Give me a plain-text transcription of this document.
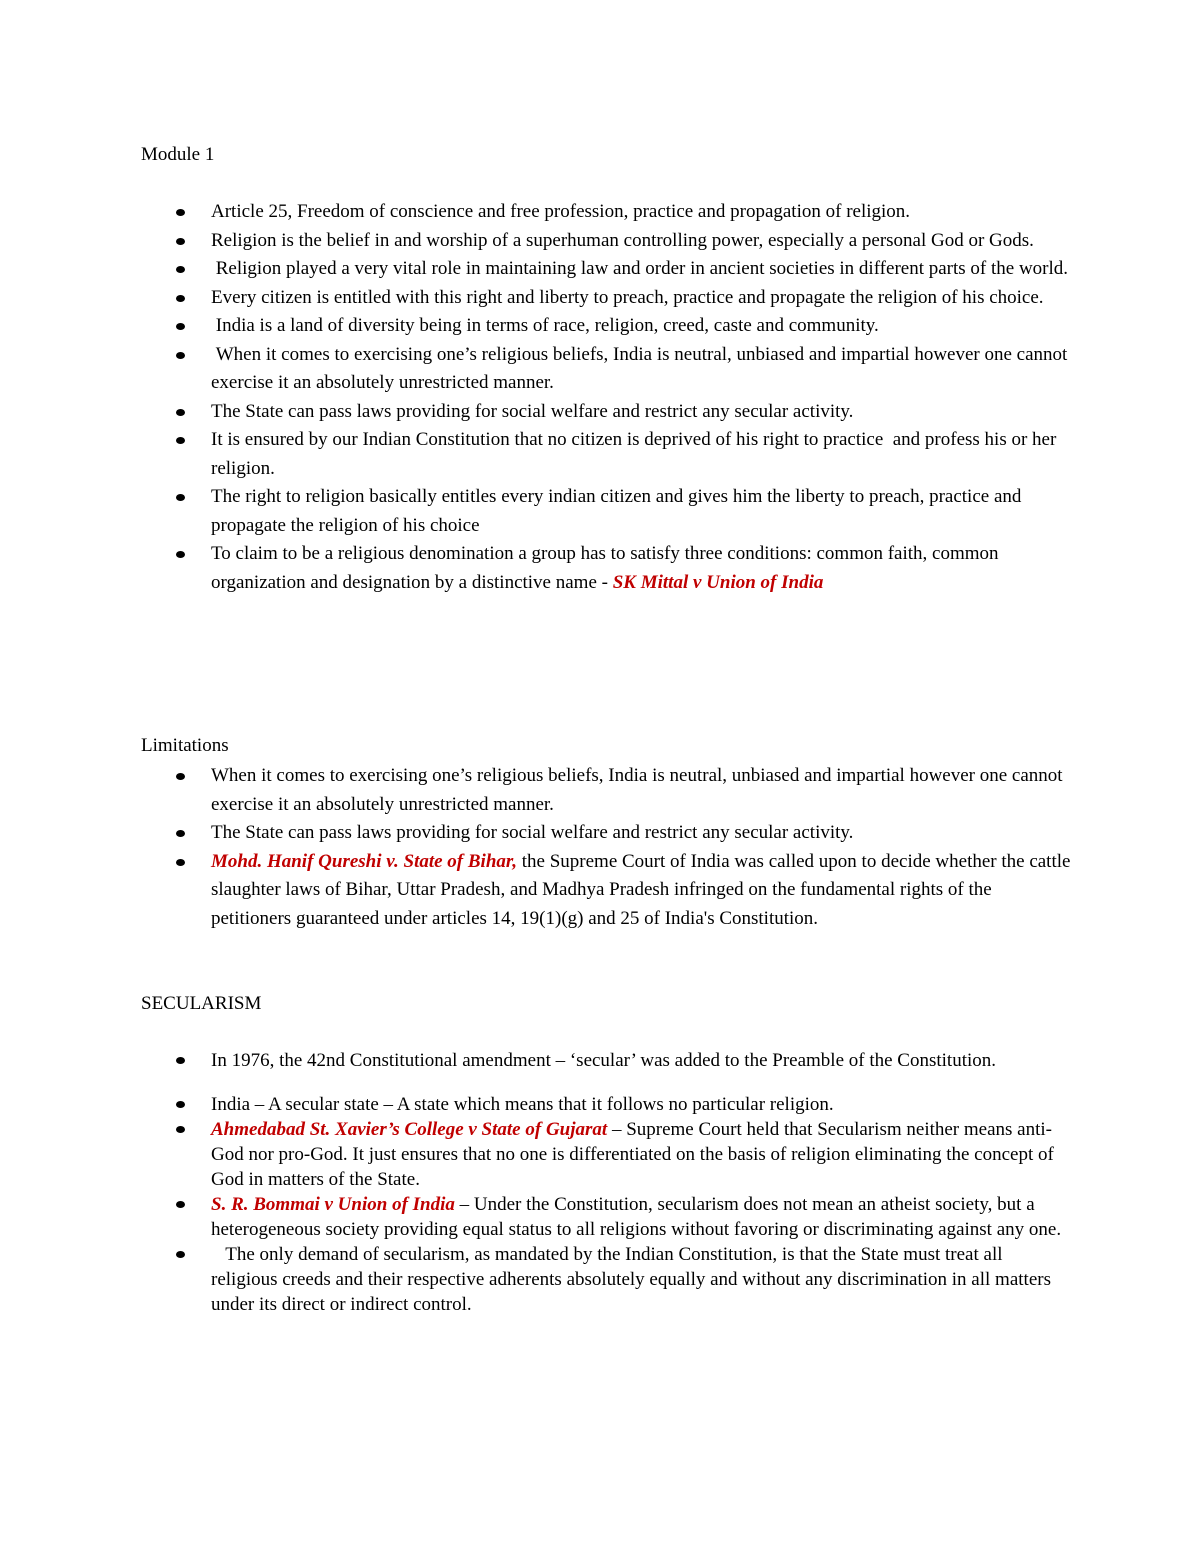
Module 1
Article 25, Freedom of conscience and free profession, practice and propagation of religion.
Religion is the belief in and worship of a superhuman controlling power, especially a personal God or Gods.
Religion played a very vital role in maintaining law and order in ancient societies in different parts of the world.
Every citizen is entitled with this right and liberty to preach, practice and propagate the religion of his choice.
India is a land of diversity being in terms of race, religion, creed, caste and community.
When it comes to exercising one’s religious beliefs, India is neutral, unbiased and impartial however one cannot exercise it an absolutely unrestricted manner.
The State can pass laws providing for social welfare and restrict any secular activity.
It is ensured by our Indian Constitution that no citizen is deprived of his right to practice  and profess his or her religion.
The right to religion basically entitles every indian citizen and gives him the liberty to preach, practice and propagate the religion of his choice
To claim to be a religious denomination a group has to satisfy three conditions: common faith, common organization and designation by a distinctive name - SK Mittal v Union of India
Limitations
When it comes to exercising one’s religious beliefs, India is neutral, unbiased and impartial however one cannot exercise it an absolutely unrestricted manner.
The State can pass laws providing for social welfare and restrict any secular activity.
Mohd. Hanif Qureshi v. State of Bihar, the Supreme Court of India was called upon to decide whether the cattle slaughter laws of Bihar, Uttar Pradesh, and Madhya Pradesh infringed on the fundamental rights of the petitioners guaranteed under articles 14, 19(1)(g) and 25 of India's Constitution.
SECULARISM
In 1976, the 42nd Constitutional amendment – ‘secular’ was added to the Preamble of the Constitution.
India – A secular state – A state which means that it follows no particular religion.
Ahmedabad St. Xavier’s College v State of Gujarat – Supreme Court held that Secularism neither means anti-God nor pro-God. It just ensures that no one is differentiated on the basis of religion eliminating the concept of God in matters of the State.
S. R. Bommai v Union of India – Under the Constitution, secularism does not mean an atheist society, but a heterogeneous society providing equal status to all religions without favoring or discriminating against any one.
The only demand of secularism, as mandated by the Indian Constitution, is that the State must treat all religious creeds and their respective adherents absolutely equally and without any discrimination in all matters under its direct or indirect control.
